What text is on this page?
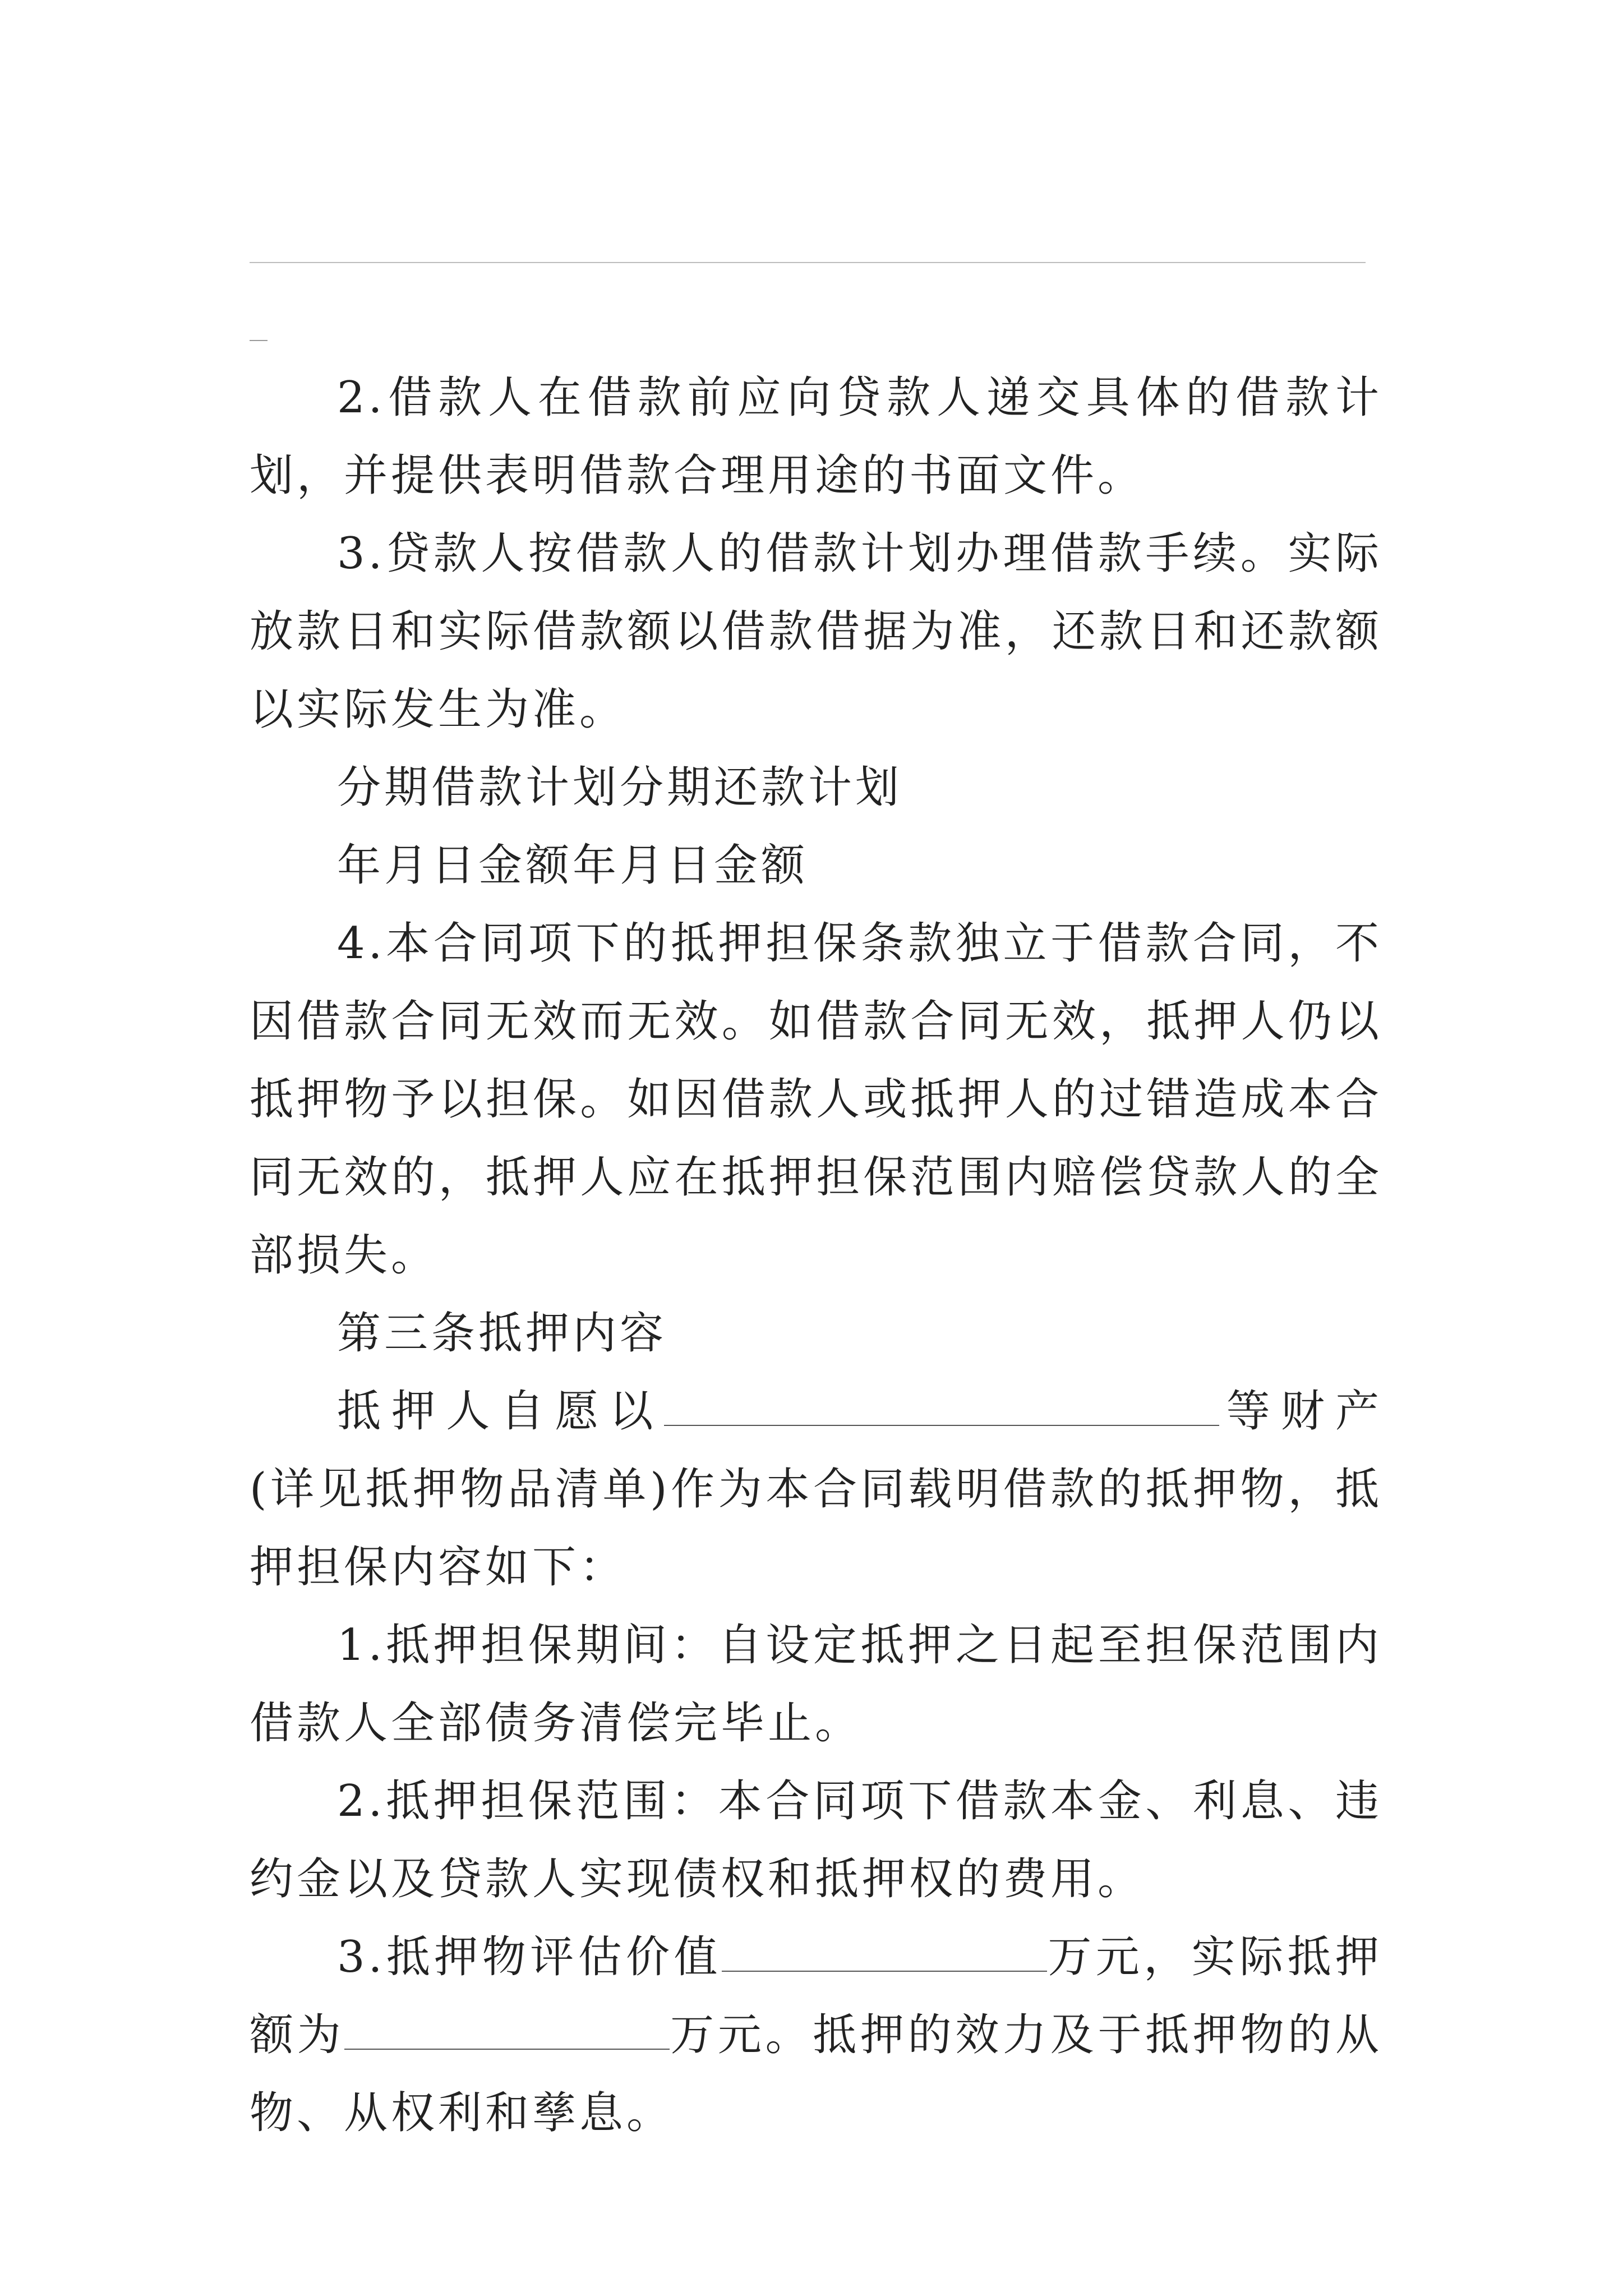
2.借款人在借款前应向贷款人递交具体的借款计划，并提供表明借款合理用途的书面文件。

3.贷款人按借款人的借款计划办理借款手续。实际放款日和实际借款额以借款借据为准，还款日和还款额以实际发生为准。

分期借款计划分期还款计划

年月日金额年月日金额

4.本合同项下的抵押担保条款独立于借款合同，不因借款合同无效而无效。如借款合同无效，抵押人仍以抵押物予以担保。如因借款人或抵押人的过错造成本合同无效的，抵押人应在抵押担保范围内赔偿贷款人的全部损失。

第三条抵押内容

抵押人自愿以	等财产(详见抵押物品清单)作为本合同载明借款的抵押物，抵押担保内容如下：

1.抵押担保期间：自设定抵押之日起至担保范围内借款人全部债务清偿完毕止。

2.抵押担保范围：本合同项下借款本金、利息、违约金以及贷款人实现债权和抵押权的费用。

3.抵押物评估价值	万元，实际抵押额为	万元。抵押的效力及于抵押物的从物、从权利和孳息。
